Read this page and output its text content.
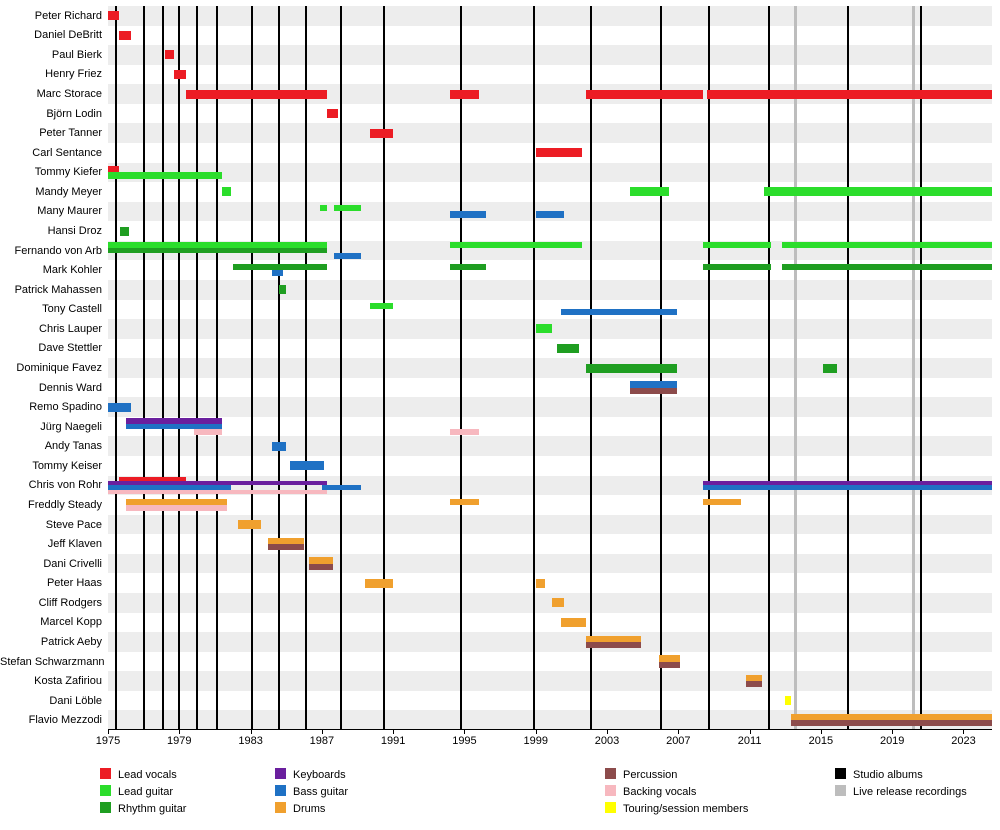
1975	1979	1983	1987	1991	1995	1999	2003	2007	2011	2015	2019	2023
Lead vocals
Lead guitar
Rhythm guitar
Keyboards
Bass guitar
Drums
Percussion
Backing vocals
Touring/session members
Studio albums
Live release recordings
Peter Richard
Daniel DeBritt
Paul Bierk
Henry Friez
Marc Storace
Björn Lodin
Peter Tanner
Carl Sentance
Tommy Kiefer
Mandy Meyer
Many Maurer
Hansi Droz
Fernando von Arb
Mark Kohler
Patrick Mahassen
Tony Castell
Chris Lauper
Dave Stettler
Dominique Favez
Dennis Ward
Remo Spadino
Jürg Naegeli
Andy Tanas
Tommy Keiser
Chris von Rohr
Freddly Steady
Steve Pace
Jeff Klaven
Dani Crivelli
Peter Haas
Cliff Rodgers
Marcel Kopp
Patrick Aeby
Stefan Schwarzmann
Kosta Zafiriou
Dani Löble
Flavio Mezzodi
